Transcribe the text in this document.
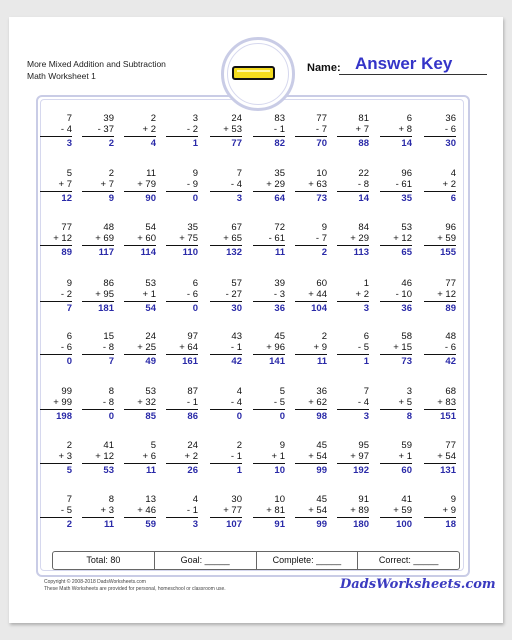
More Mixed Addition and Subtraction
Math Worksheet 1
Name: Answer Key
7
- 4
3
39
- 37
2
2
+ 2
4
3
- 2
1
24
+ 53
77
83
- 1
82
77
- 7
70
81
+ 7
88
6
+ 8
14
36
- 6
30
5
+ 7
12
2
+ 7
9
11
+ 79
90
9
- 9
0
7
- 4
3
35
+ 29
64
10
+ 63
73
22
- 8
14
96
- 61
35
4
+ 2
6
77
+ 12
89
48
+ 69
117
54
+ 60
114
35
+ 75
110
67
+ 65
132
72
- 61
11
9
- 7
2
84
+ 29
113
53
+ 12
65
96
+ 59
155
9
- 2
7
86
+ 95
181
53
+ 1
54
6
- 6
0
57
- 27
30
39
- 3
36
60
+ 44
104
1
+ 2
3
46
- 10
36
77
+ 12
89
6
- 6
0
15
- 8
7
24
+ 25
49
97
+ 64
161
43
- 1
42
45
+ 96
141
2
+ 9
11
6
- 5
1
58
+ 15
73
48
- 6
42
99
+ 99
198
8
- 8
0
53
+ 32
85
87
- 1
86
4
- 4
0
5
- 5
0
36
+ 62
98
7
- 4
3
3
+ 5
8
68
+ 83
151
2
+ 3
5
41
+ 12
53
5
+ 6
11
24
+ 2
26
2
- 1
1
9
+ 1
10
45
+ 54
99
95
+ 97
192
59
+ 1
60
77
+ 54
131
7
- 5
2
8
+ 3
11
13
+ 46
59
4
- 1
3
30
+ 77
107
10
+ 81
91
45
+ 54
99
91
+ 89
180
41
+ 59
100
9
+ 9
18
Total: 80	Goal: _____	Complete: _____	Correct: _____
Copyright © 2008-2018 DadsWorksheets.com
These Math Worksheets are provided for personal, homeschool or classroom use.	DadsWorksheets.com
